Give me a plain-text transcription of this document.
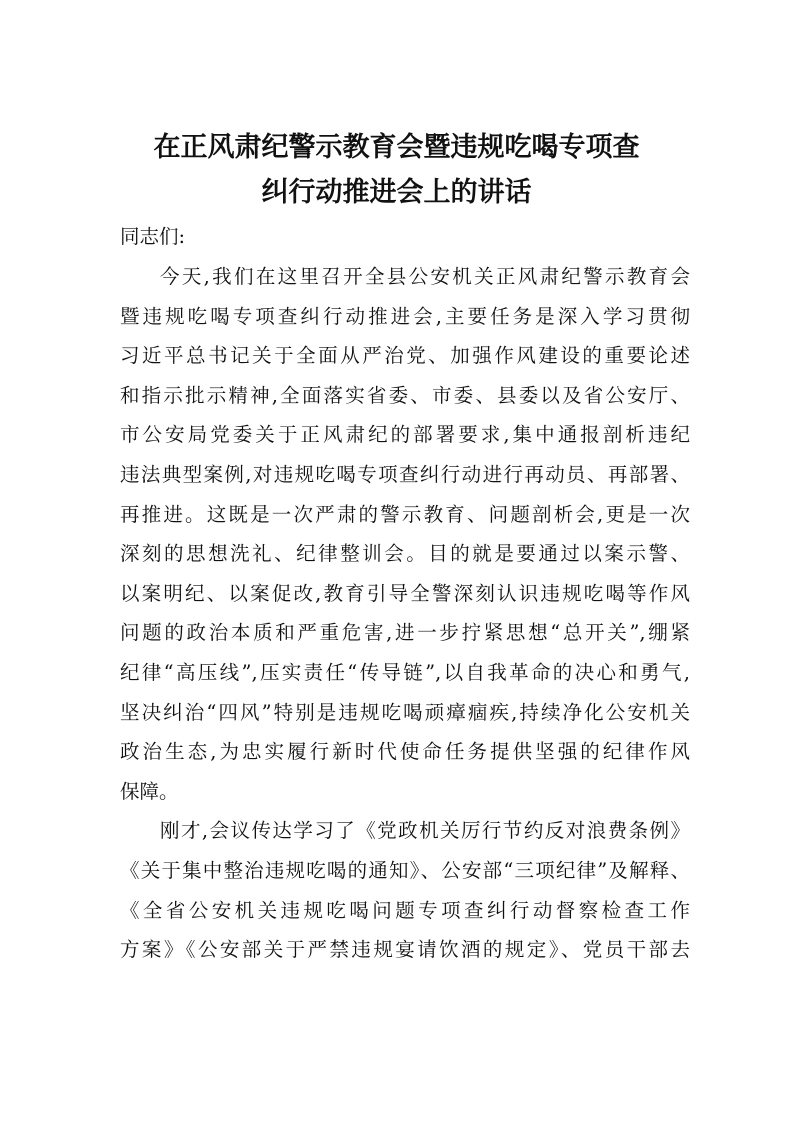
在正风肃纪警示教育会暨违规吃喝专项查
纠行动推进会上的讲话
同志们:
今天,我们在这里召开全县公安机关正风肃纪警示教育会
暨违规吃喝专项查纠行动推进会,主要任务是深入学习贯彻
习近平总书记关于全面从严治党、加强作风建设的重要论述
和指示批示精神,全面落实省委、市委、县委以及省公安厅、
市公安局党委关于正风肃纪的部署要求,集中通报剖析违纪
违法典型案例,对违规吃喝专项查纠行动进行再动员、再部署、
再推进。这既是一次严肃的警示教育、问题剖析会,更是一次
深刻的思想洗礼、纪律整训会。目的就是要通过以案示警、
以案明纪、以案促改,教育引导全警深刻认识违规吃喝等作风
问题的政治本质和严重危害,进一步拧紧思想“总开关”,绷紧
纪律“高压线”,压实责任“传导链”,以自我革命的决心和勇气,
坚决纠治“四风”特别是违规吃喝顽瘴痼疾,持续净化公安机关
政治生态,为忠实履行新时代使命任务提供坚强的纪律作风
保障。
刚才,会议传达学习了《党政机关厉行节约反对浪费条例》
《关于集中整治违规吃喝的通知》、公安部“三项纪律”及解释、
《全省公安机关违规吃喝问题专项查纠行动督察检查工作
方案》《公安部关于严禁违规宴请饮酒的规定》、党员干部去
